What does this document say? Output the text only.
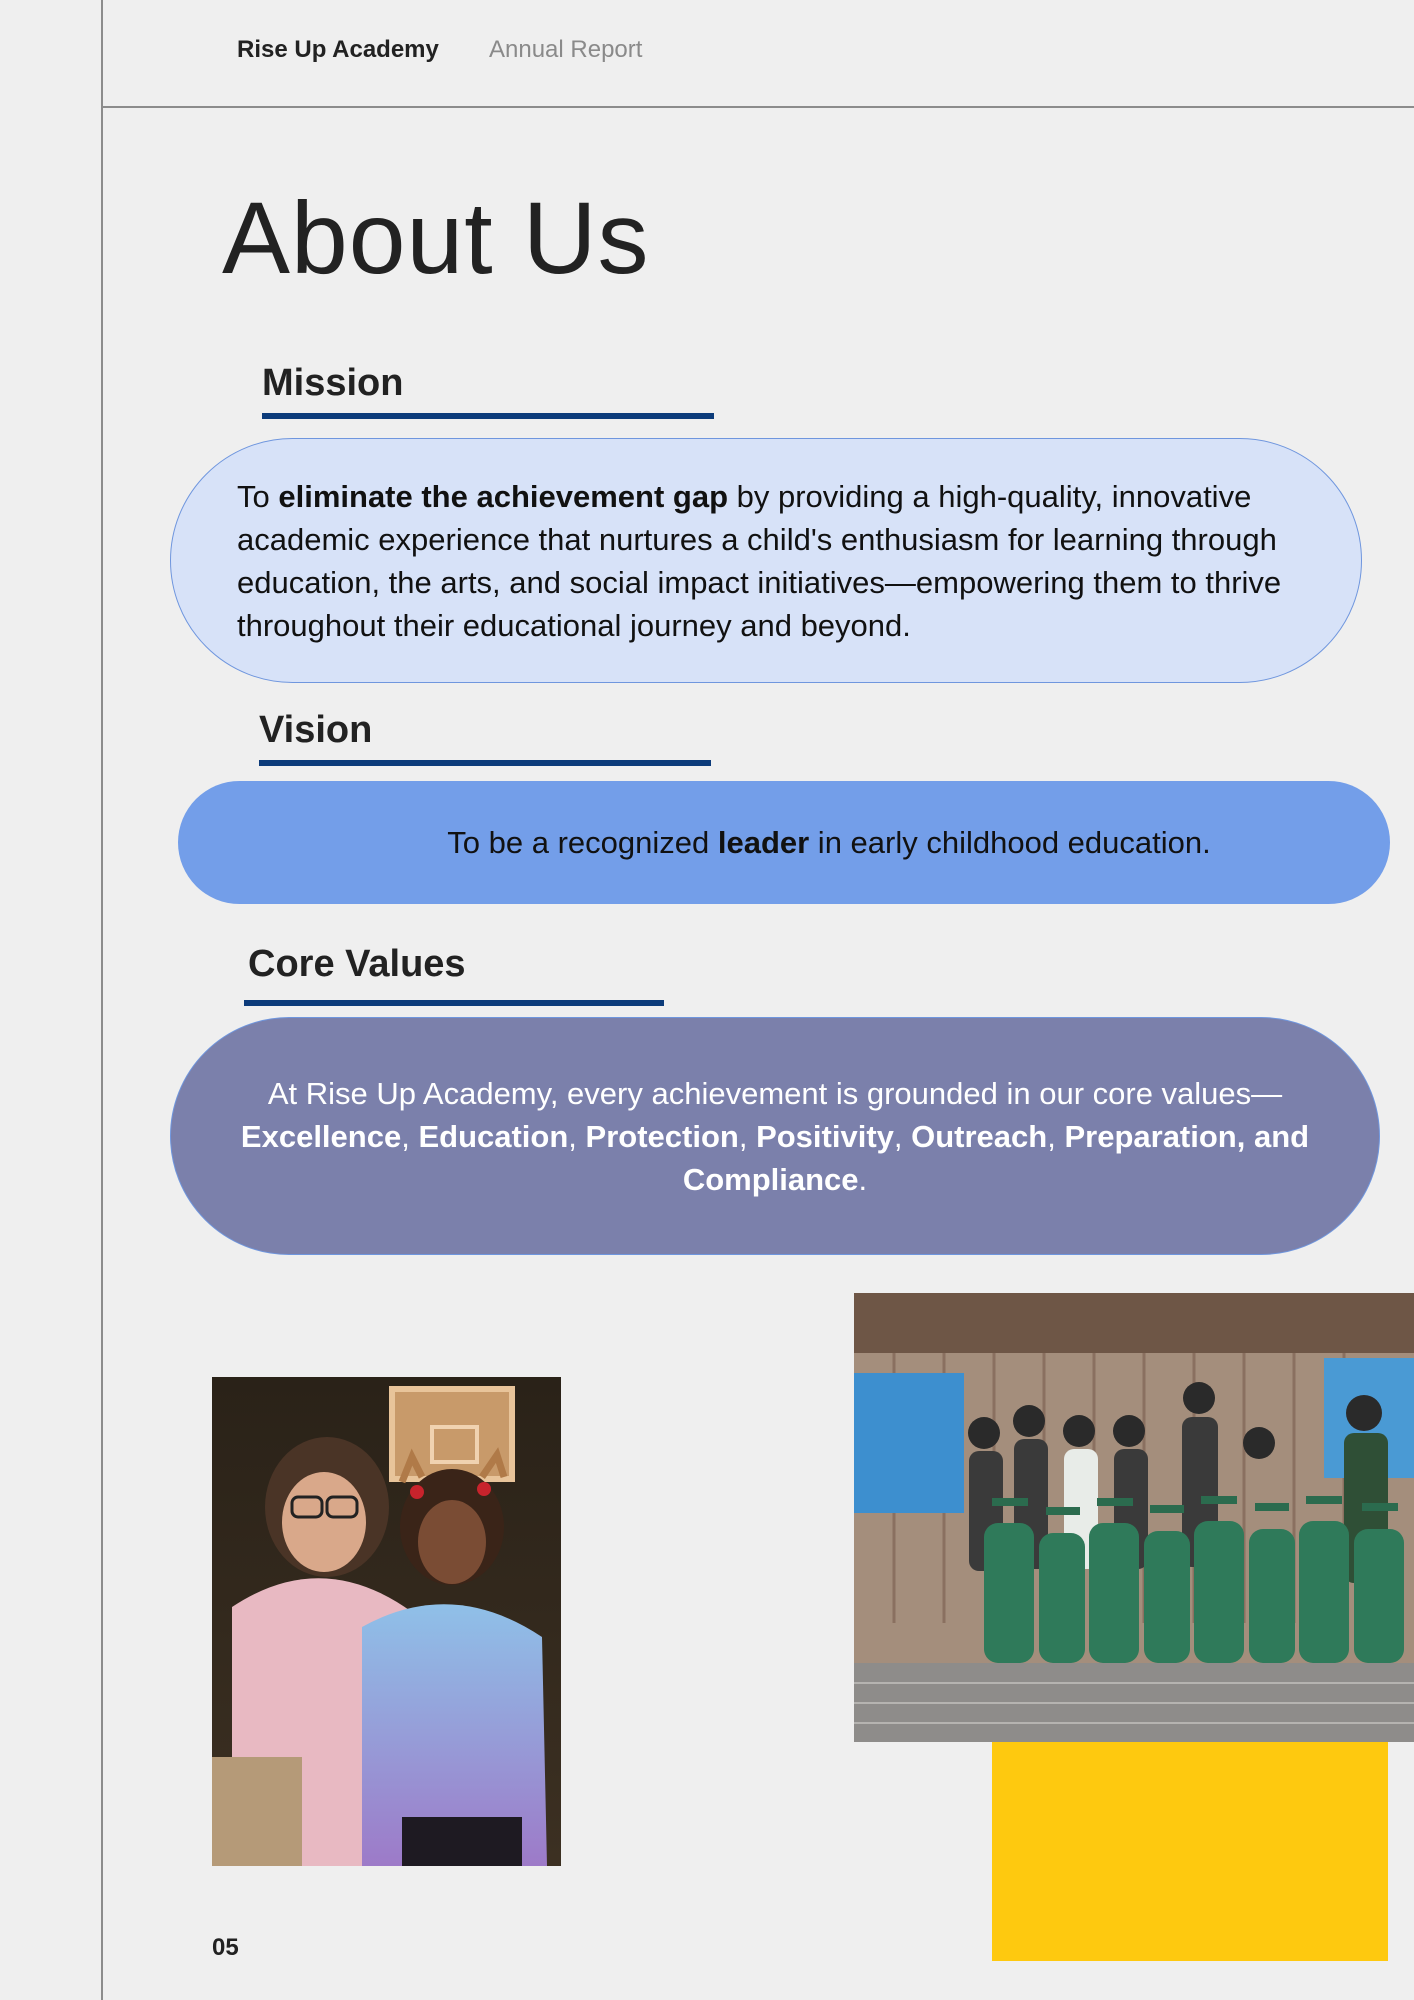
Rise Up Academy Annual Report
About Us
Mission

To eliminate the achievement gap by providing a high-quality, innovative academic experience that nurtures a child's enthusiasm for learning through education, the arts, and social impact initiatives—empowering them to thrive throughout their educational journey and beyond.

Vision

To be a recognized leader in early childhood education.

Core Values

At Rise Up Academy, every achievement is grounded in our core values—
Excellence, Education, Protection, Positivity, Outreach, Preparation, and Compliance.

05
